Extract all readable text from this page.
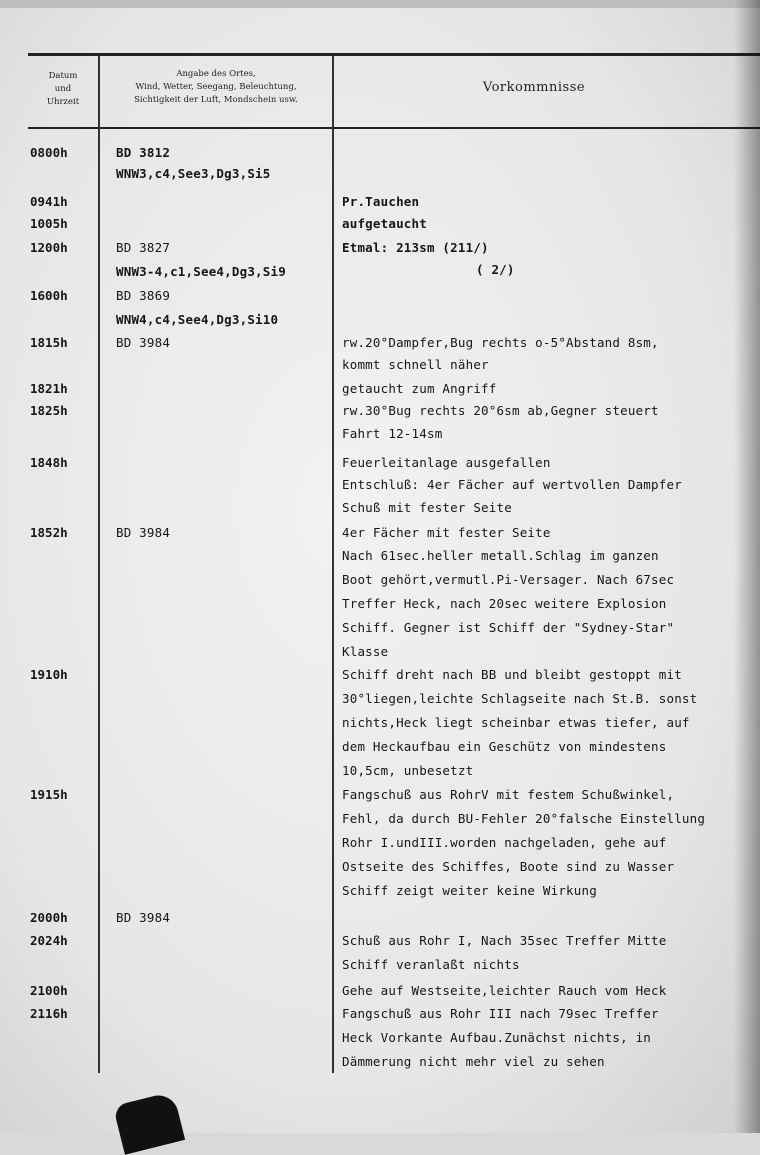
Datum
und
Uhrzeit
Angabe des Ortes,
Wind, Wetter, Seegang, Beleuchtung,
Sichtigkeit der Luft, Mondschein usw.
Vorkommnisse
0800h
0941h
1005h
1200h
1600h
1815h
1821h
1825h
1848h
1852h
1910h
1915h
2000h
2024h
2100h
2116h
BD 3812
WNW3,c4,See3,Dg3,Si5
BD 3827
WNW3-4,c1,See4,Dg3,Si9
BD 3869
WNW4,c4,See4,Dg3,Si10
BD 3984
BD 3984
BD 3984
Pr.Tauchen
aufgetaucht
Etmal: 213sm (211/)
( 2/)
rw.20°Dampfer,Bug rechts o-5°Abstand 8sm,
kommt schnell näher
getaucht zum Angriff
rw.30°Bug rechts 20°6sm ab,Gegner steuert
Fahrt 12-14sm
Feuerleitanlage ausgefallen
Entschluß: 4er Fächer auf wertvollen Dampfer
Schuß mit fester Seite
4er Fächer mit fester Seite
Nach 61sec.heller metall.Schlag im ganzen
Boot gehört,vermutl.Pi-Versager. Nach 67sec
Treffer Heck, nach 20sec weitere Explosion
Schiff. Gegner ist Schiff der "Sydney-Star"
Klasse
Schiff dreht nach BB und bleibt gestoppt mit
30°liegen,leichte Schlagseite nach St.B. sonst
nichts,Heck liegt scheinbar etwas tiefer, auf
dem Heckaufbau ein Geschütz von mindestens
10,5cm, unbesetzt
Fangschuß aus RohrV mit festem Schußwinkel,
Fehl, da durch BU-Fehler 20°falsche Einstellung
Rohr I.undIII.worden nachgeladen, gehe auf
Ostseite des Schiffes, Boote sind zu Wasser
Schiff zeigt weiter keine Wirkung
Schuß aus Rohr I, Nach 35sec Treffer Mitte
Schiff veranlaßt nichts
Gehe auf Westseite,leichter Rauch vom Heck
Fangschuß aus Rohr III nach 79sec Treffer
Heck Vorkante Aufbau.Zunächst nichts, in
Dämmerung nicht mehr viel zu sehen
